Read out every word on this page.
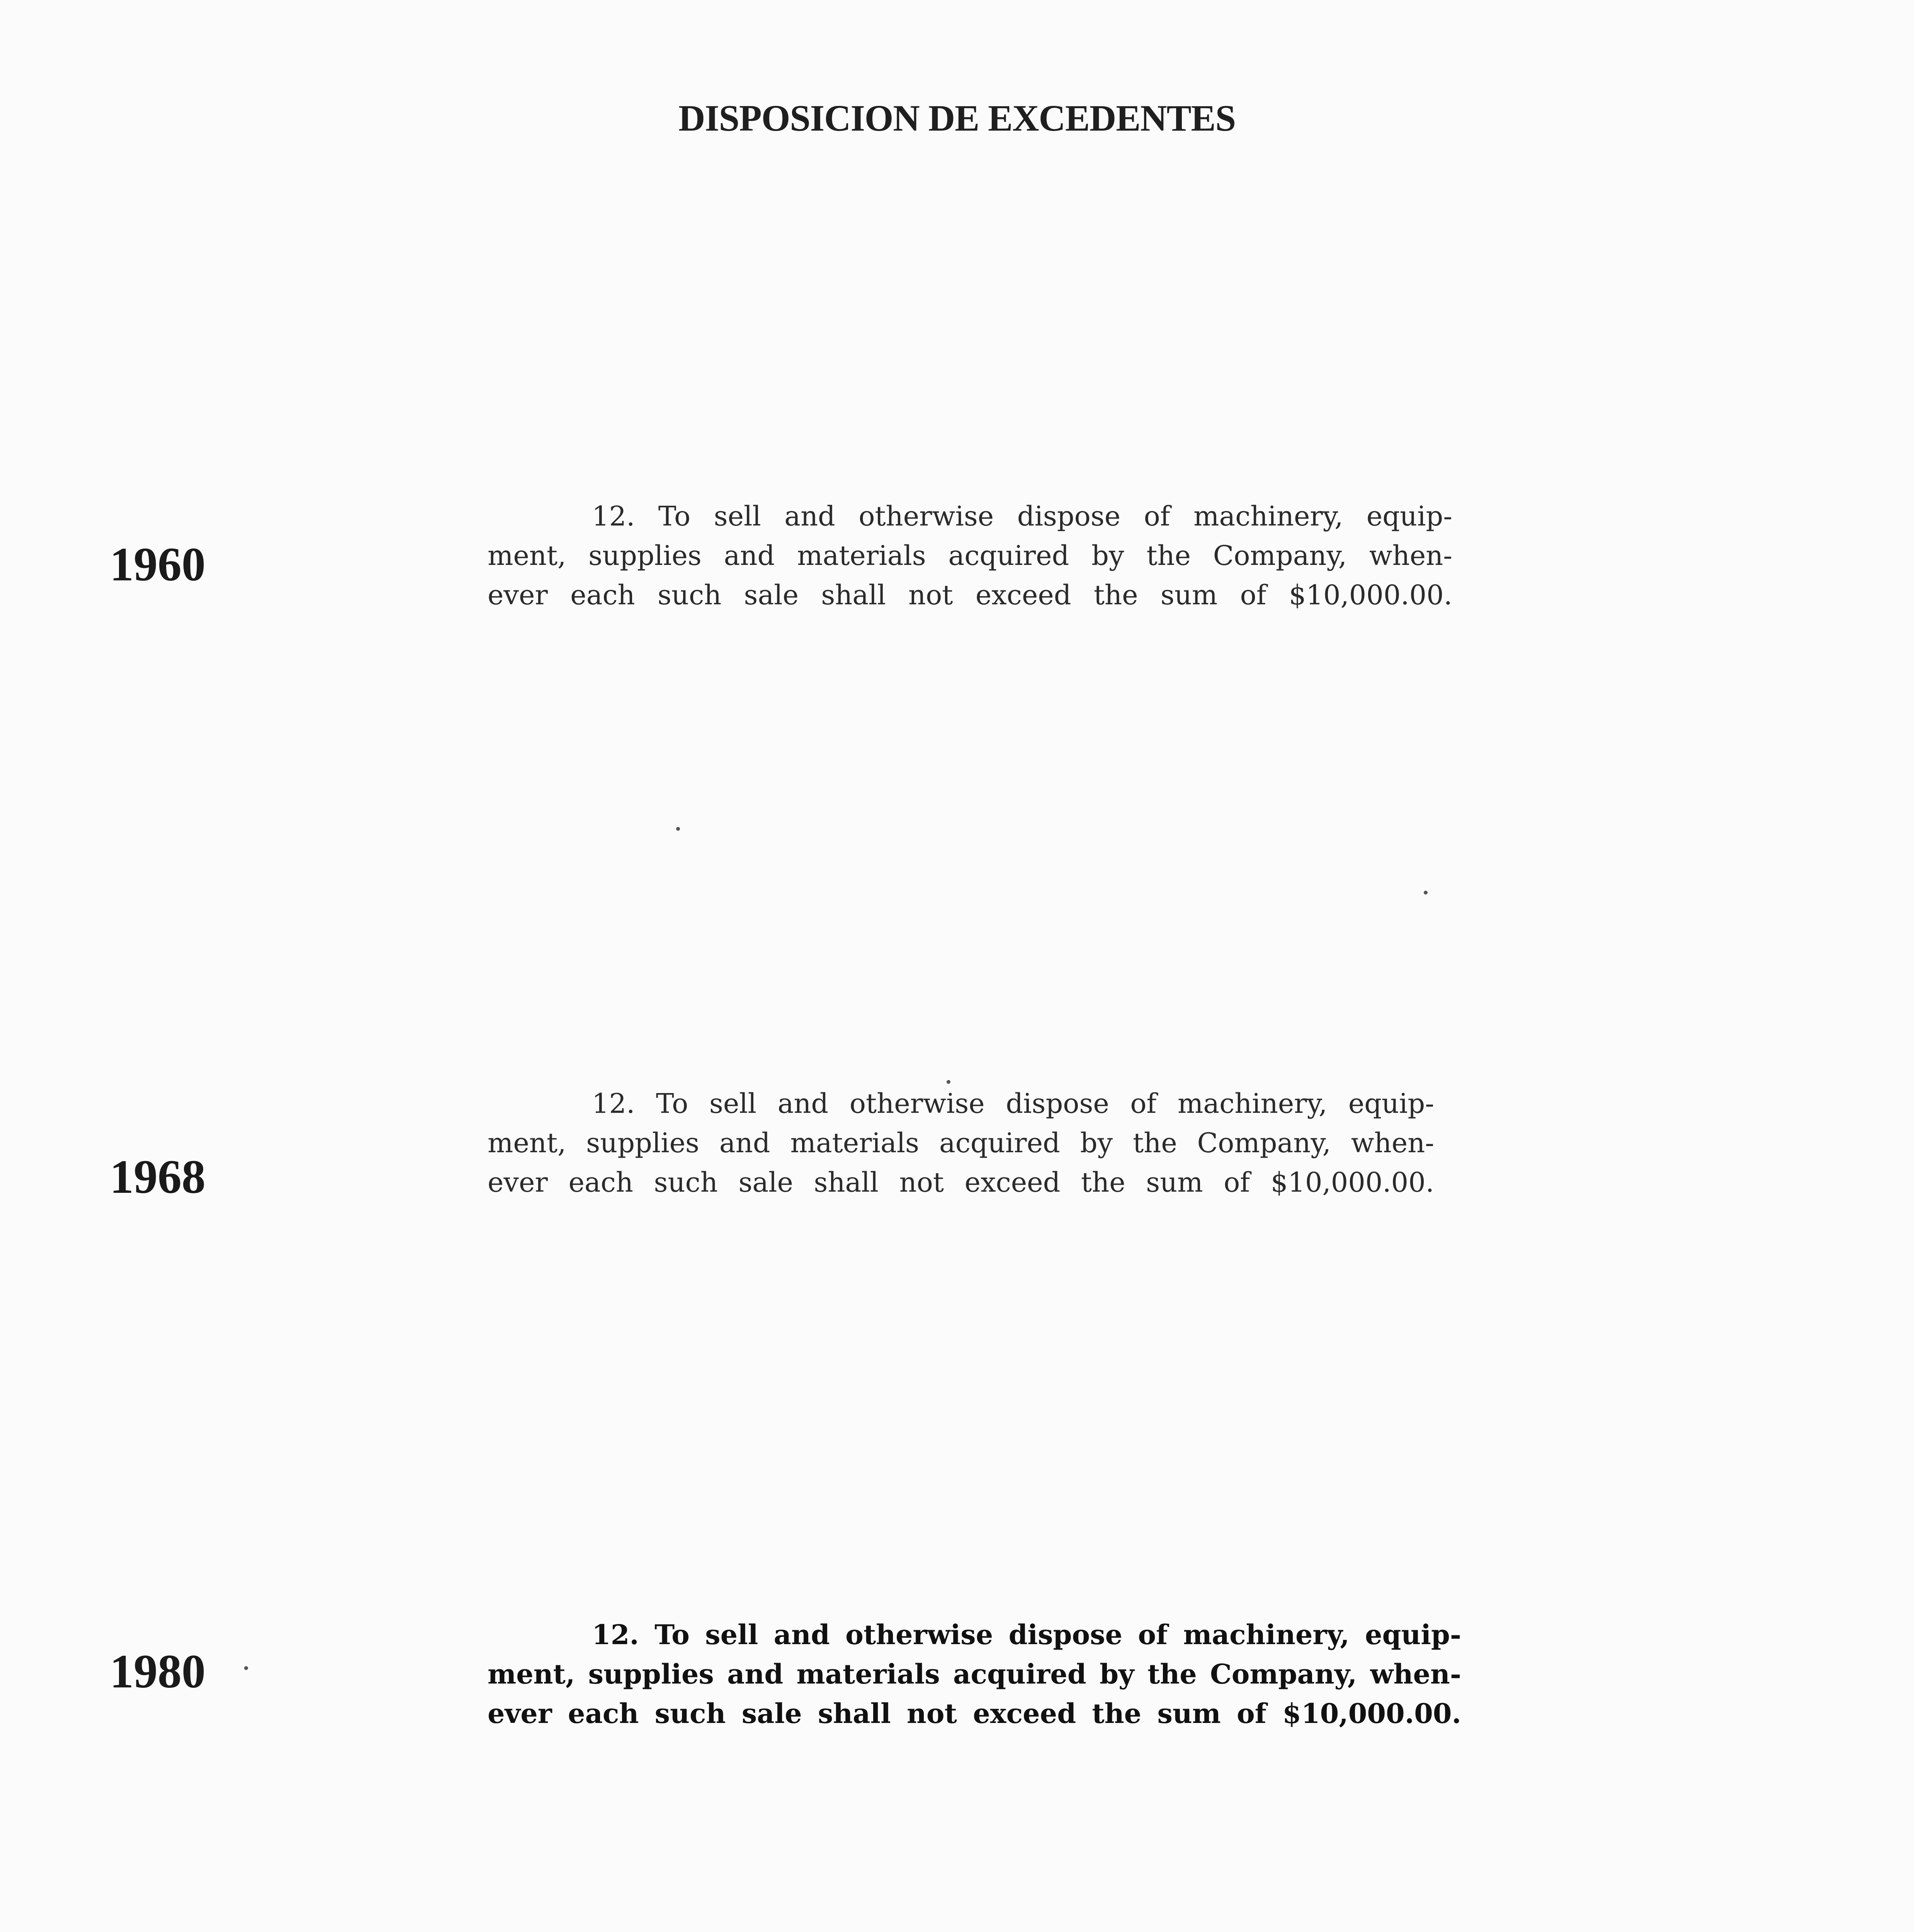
DISPOSICION DE EXCEDENTES
1960
12. To sell and otherwise dispose of machinery, equip-
ment, supplies and materials acquired by the Company, when-
ever each such sale shall not exceed the sum of $10,000.00.
1968
12. To sell and otherwise dispose of machinery, equip-
ment, supplies and materials acquired by the Company, when-
ever each such sale shall not exceed the sum of $10,000.00.
1980
12. To sell and otherwise dispose of machinery, equip-
ment, supplies and materials acquired by the Company, when-
ever each such sale shall not exceed the sum of $10,000.00.
